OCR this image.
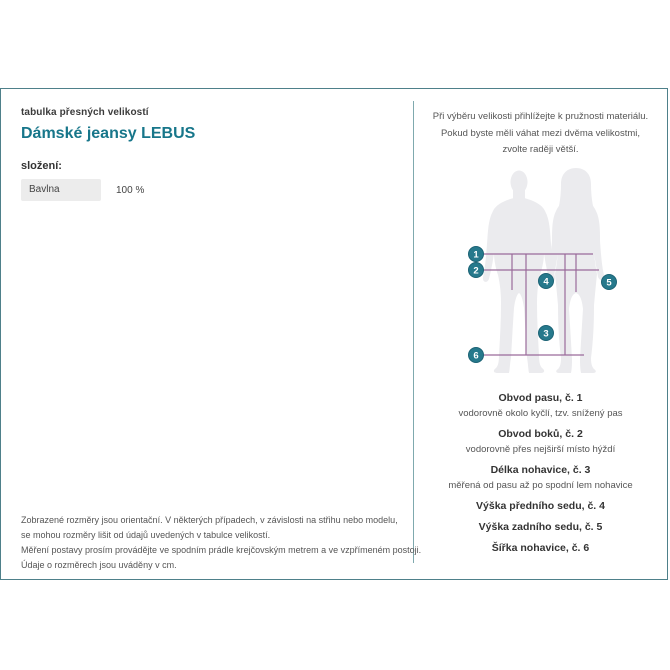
tabulka přesných velikostí
Dámské jeansy LEBUS
složení:
Bavlna	100 %
Zobrazené rozměry jsou orientační. V některých případech, v závislosti na střihu nebo modelu,
se mohou rozměry lišit od údajů uvedených v tabulce velikostí.
Měření postavy prosím provádějte ve spodním prádle krejčovským metrem a ve vzpřímeném postoji.
Údaje o rozměrech jsou uváděny v cm.
Při výběru velikosti přihlížejte k pružnosti materiálu.
Pokud byste měli váhat mezi dvěma velikostmi,
zvolte raději větší.
1
2
3
4	5
6
Obvod pasu, č. 1
vodorovně okolo kyčlí, tzv. snížený pas
Obvod boků, č. 2
vodorovně přes nejširší místo hýždí
Délka nohavice, č. 3
měřená od pasu až po spodní lem nohavice
Výška předního sedu, č. 4
Výška zadního sedu, č. 5
Šířka nohavice, č. 6
